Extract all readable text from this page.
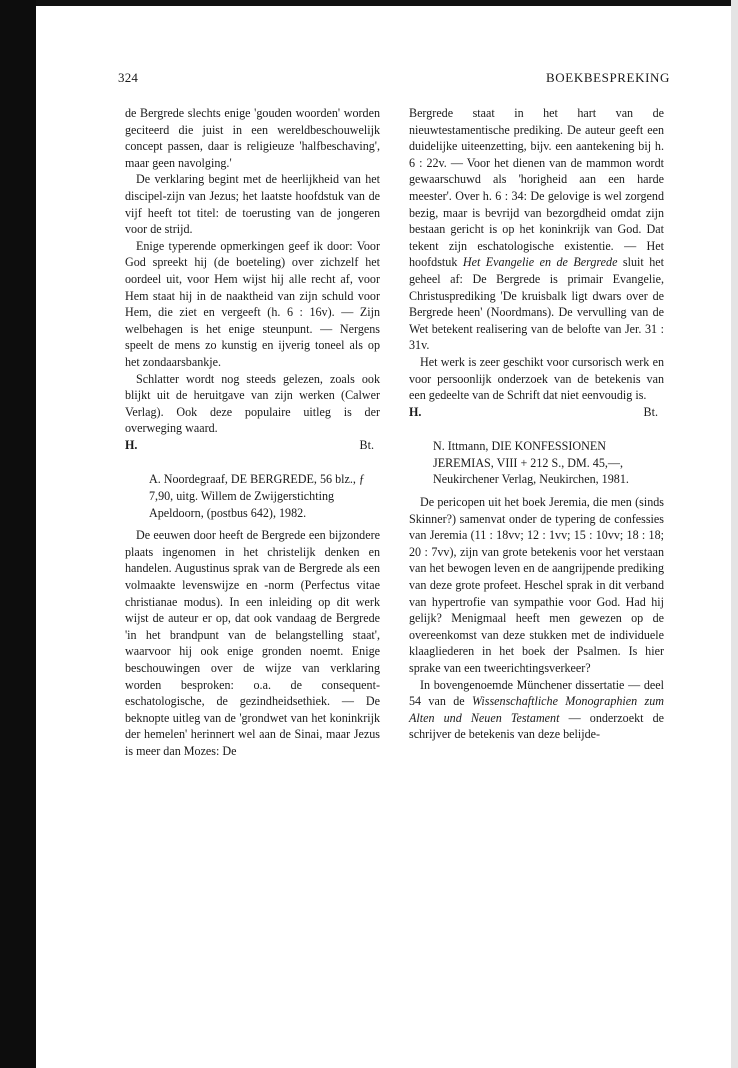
324	BOEKBESPREKING

de Bergrede slechts enige 'gouden woorden' worden geciteerd die juist in een wereldbeschouwelijk concept passen, daar is religieuze 'halfbeschaving', maar geen navolging.'

De verklaring begint met de heerlijkheid van het discipel-zijn van Jezus; het laatste hoofdstuk van de vijf heeft tot titel: de toerusting van de jongeren voor de strijd.

Enige typerende opmerkingen geef ik door: Voor God spreekt hij (de boeteling) over zichzelf het oordeel uit, voor Hem wijst hij alle recht af, voor Hem staat hij in de naaktheid van zijn schuld voor Hem, die ziet en vergeeft (h. 6 : 16v). — Zijn welbehagen is het enige steunpunt. — Nergens speelt de mens zo kunstig en ijverig toneel als op het zondaarsbankje.

Schlatter wordt nog steeds gelezen, zoals ook blijkt uit de heruitgave van zijn werken (Calwer Verlag). Ook deze populaire uitleg is der overweging waard.

H.	Bt.

A. Noordegraaf, DE BERGREDE, 56 blz., ƒ 7,90, uitg. Willem de Zwijgerstichting Apeldoorn, (postbus 642), 1982.

De eeuwen door heeft de Bergrede een bijzondere plaats ingenomen in het christelijk denken en handelen. Augustinus sprak van de Bergrede als een volmaakte levenswijze en -norm (Perfectus vitae christianae modus). In een inleiding op dit werk wijst de auteur er op, dat ook vandaag de Bergrede 'in het brandpunt van de belangstelling staat', waarvoor hij ook enige gronden noemt. Enige beschouwingen over de wijze van verklaring worden besproken: o.a. de consequent-eschatologische, de gezindheidsethiek. — De beknopte uitleg van de 'grondwet van het koninkrijk der hemelen' herinnert wel aan de Sinai, maar Jezus is meer dan Mozes: De

Bergrede staat in het hart van de nieuwtestamentische prediking. De auteur geeft een duidelijke uiteenzetting, bijv. een aantekening bij h. 6 : 22v. — Voor het dienen van de mammon wordt gewaarschuwd als 'horigheid aan een harde meester'. Over h. 6 : 34: De gelovige is wel zorgend bezig, maar is bevrijd van bezorgdheid omdat zijn bestaan gericht is op het koninkrijk van God. Dat tekent zijn eschatologische existentie. — Het hoofdstuk Het Evangelie en de Bergrede sluit het geheel af: De Bergrede is primair Evangelie, Christusprediking 'De kruisbalk ligt dwars over de Bergrede heen' (Noordmans). De vervulling van de Wet betekent realisering van de belofte van Jer. 31 : 31v.

Het werk is zeer geschikt voor cursorisch werk en voor persoonlijk onderzoek van de betekenis van een gedeelte van de Schrift dat niet eenvoudig is.

H.	Bt.

N. Ittmann, DIE KONFESSIONEN JEREMIAS, VIII + 212 S., DM. 45,—, Neukirchener Verlag, Neukirchen, 1981.

De pericopen uit het boek Jeremia, die men (sinds Skinner?) samenvat onder de typering de confessies van Jeremia (11 : 18vv; 12 : 1vv; 15 : 10vv; 18 : 18; 20 : 7vv), zijn van grote betekenis voor het verstaan van het bewogen leven en de aangrijpende prediking van deze grote profeet. Heschel sprak in dit verband van hypertrofie van sympathie voor God. Had hij gelijk? Menigmaal heeft men gewezen op de overeenkomst van deze stukken met de individuele klaagliederen in het boek der Psalmen. Is hier sprake van een tweerichtingsverkeer?

In bovengenoemde Münchener dissertatie — deel 54 van de Wissenschaftliche Monographien zum Alten und Neuen Testament — onderzoekt de schrijver de betekenis van deze belijde-
